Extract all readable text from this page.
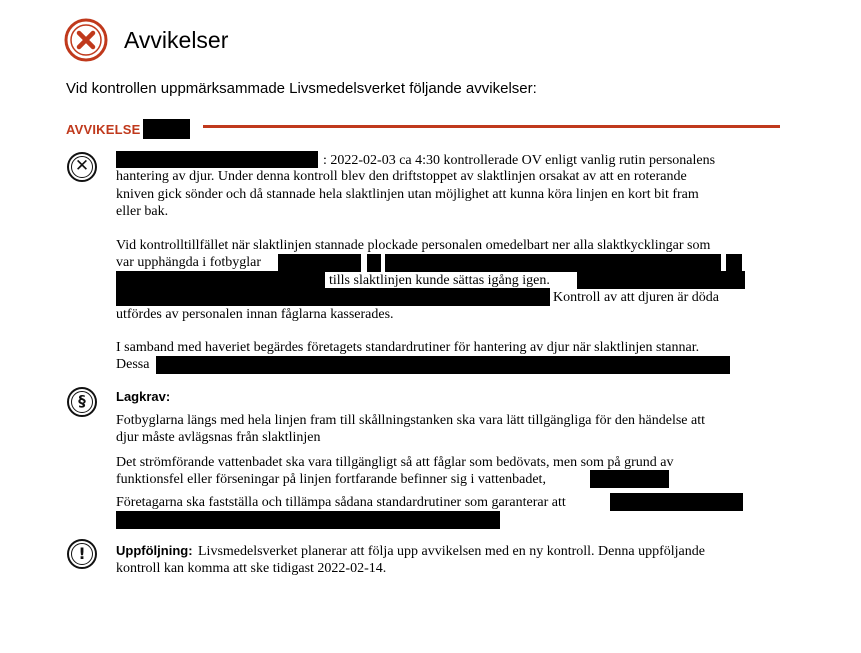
Avvikelser
Vid kontrollen uppmärksammade Livsmedelsverket följande avvikelser:
AVVIKELSE
✕	: 2022-02-03 ca 4:30 kontrollerade OV enligt vanlig rutin personalens
hantering av djur. Under denna kontroll blev den driftstoppet av slaktlinjen orsakat av att en roterande
kniven gick sönder och då stannade hela slaktlinjen utan möjlighet att kunna köra linjen en kort bit fram
eller bak.
Vid kontrolltillfället när slaktlinjen stannade plockade personalen omedelbart ner alla slaktkycklingar som
var upphängda i fotbyglar
tills slaktlinjen kunde sättas igång igen.
Kontroll av att djuren är döda
utfördes av personalen innan fåglarna kasserades.
I samband med haveriet begärdes företagets standardrutiner för hantering av djur när slaktlinjen stannar.
Dessa
§	Lagkrav:
Fotbyglarna längs med hela linjen fram till skållningstanken ska vara lätt tillgängliga för den händelse att
djur måste avlägsnas från slaktlinjen
Det strömförande vattenbadet ska vara tillgängligt så att fåglar som bedövats, men som på grund av
funktionsfel eller förseningar på linjen fortfarande befinner sig i vattenbadet,
Företagarna ska fastställa och tillämpa sådana standardrutiner som garanterar att
!	Uppföljning: Livsmedelsverket planerar att följa upp avvikelsen med en ny kontroll. Denna uppföljande
kontroll kan komma att ske tidigast 2022-02-14.
